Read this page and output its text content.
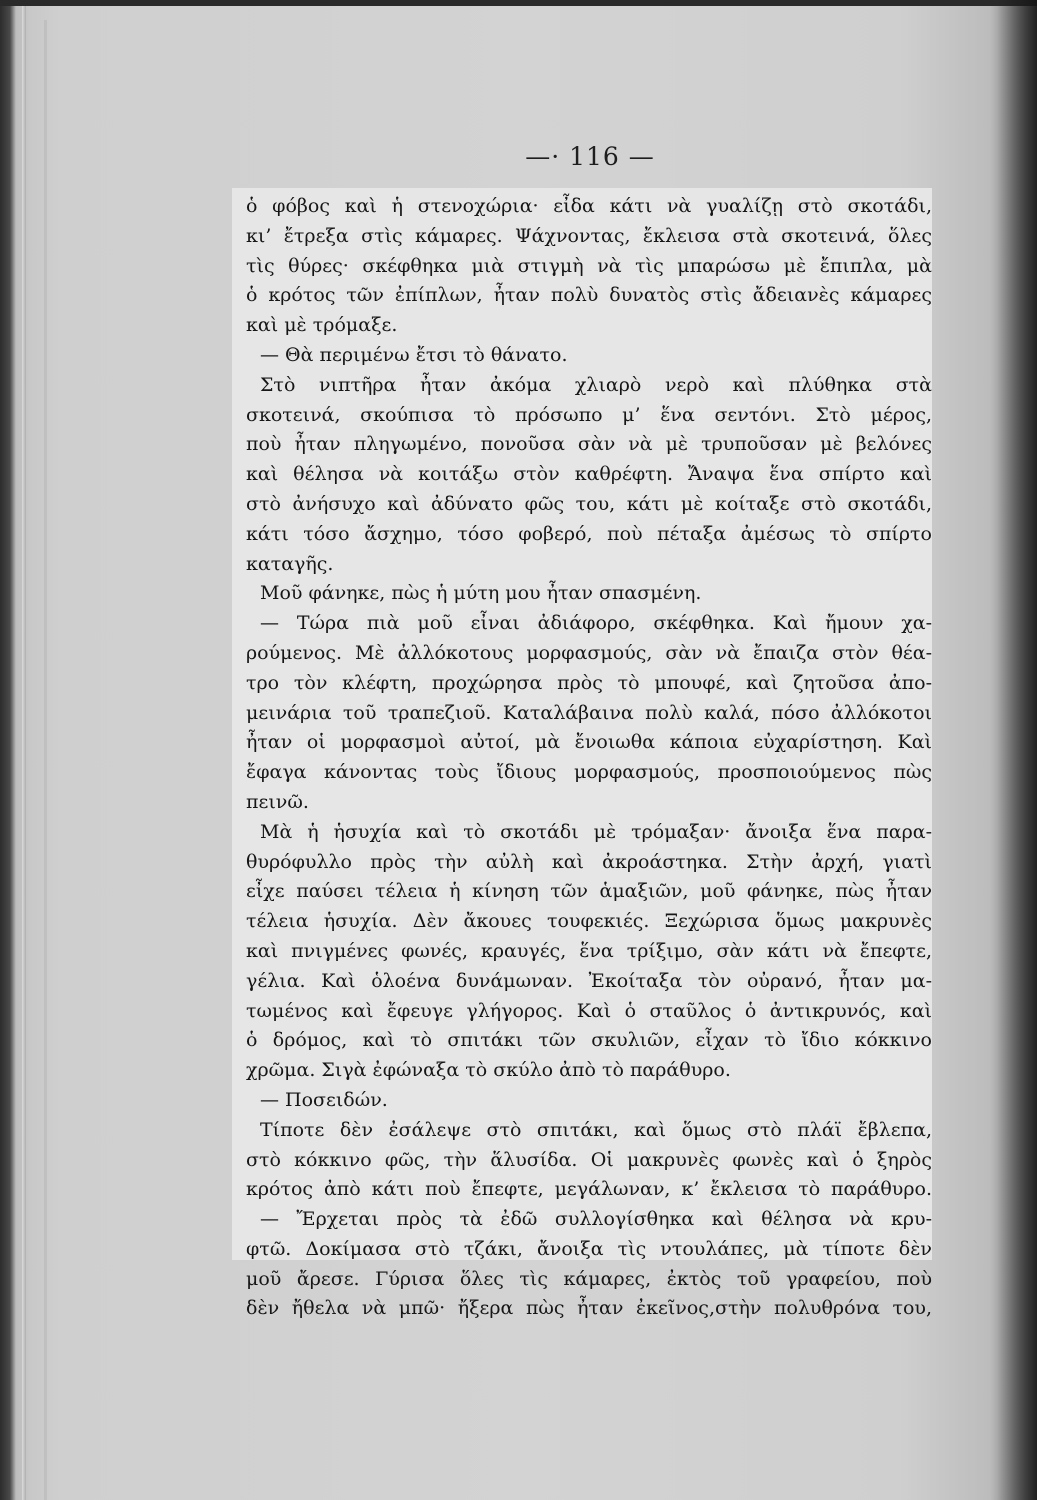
—· 116 —
ὁ φόβος καὶ ἡ στενοχώρια· εἶδα κάτι νὰ γυαλίζῃ στὸ σκοτάδι,
κι’ ἔτρεξα στὶς κάμαρες. Ψάχνοντας, ἔκλεισα στὰ σκοτεινά, ὅλες
τὶς θύρες· σκέφθηκα μιὰ στιγμὴ νὰ τὶς μπαρώσω μὲ ἔπιπλα, μὰ
ὁ κρότος τῶν ἐπίπλων, ἦταν πολὺ δυνατὸς στὶς ἄδειανὲς κάμαρες
καὶ μὲ τρόμαξε.
— Θὰ περιμένω ἔτσι τὸ θάνατο.
Στὸ νιπτῆρα ἦταν ἀκόμα χλιαρὸ νερὸ καὶ πλύθηκα στὰ
σκοτεινά, σκούπισα τὸ πρόσωπο μ’ ἕνα σεντόνι. Στὸ μέρος,
ποὺ ἦταν πληγωμένο, πονοῦσα σὰν νὰ μὲ τρυποῦσαν μὲ βελόνες
καὶ θέλησα νὰ κοιτάξω στὸν καθρέφτη. Ἄναψα ἕνα σπίρτο καὶ
στὸ ἀνήσυχο καὶ ἀδύνατο φῶς του, κάτι μὲ κοίταξε στὸ σκοτάδι,
κάτι τόσο ἄσχημο, τόσο φοβερό, ποὺ πέταξα ἀμέσως τὸ σπίρτο
καταγῆς.
Μοῦ φάνηκε, πὼς ἡ μύτη μου ἦταν σπασμένη.
— Τώρα πιὰ μοῦ εἶναι ἀδιάφορο, σκέφθηκα. Καὶ ἤμουν χα-
ρούμενος. Μὲ ἀλλόκοτους μορφασμούς, σὰν νὰ ἔπαιζα στὸν θέα-
τρο τὸν κλέφτη, προχώρησα πρὸς τὸ μπουφέ, καὶ ζητοῦσα ἀπο-
μεινάρια τοῦ τραπεζιοῦ. Καταλάβαινα πολὺ καλά, πόσο ἀλλόκοτοι
ἦταν οἱ μορφασμοὶ αὐτοί, μὰ ἔνοιωθα κάποια εὐχαρίστηση. Καὶ
ἔφαγα κάνοντας τοὺς ἴδιους μορφασμούς, προσποιούμενος πὼς
πεινῶ.
Μὰ ἡ ἡσυχία καὶ τὸ σκοτάδι μὲ τρόμαξαν· ἄνοιξα ἕνα παρα-
θυρόφυλλο πρὸς τὴν αὐλὴ καὶ ἀκροάστηκα. Στὴν ἀρχή, γιατὶ
εἶχε παύσει τέλεια ἡ κίνηση τῶν ἁμαξιῶν, μοῦ φάνηκε, πὼς ἦταν
τέλεια ἡσυχία. Δὲν ἄκουες τουφεκιές. Ξεχώρισα ὅμως μακρυνὲς
καὶ πνιγμένες φωνές, κραυγές, ἕνα τρίξιμο, σὰν κάτι νὰ ἔπεφτε,
γέλια. Καὶ ὁλοένα δυνάμωναν. Ἐκοίταξα τὸν οὐρανό, ἦταν μα-
τωμένος καὶ ἔφευγε γλήγορος. Καὶ ὁ σταῦλος ὁ ἀντικρυνός, καὶ
ὁ δρόμος, καὶ τὸ σπιτάκι τῶν σκυλιῶν, εἶχαν τὸ ἴδιο κόκκινο
χρῶμα. Σιγὰ ἐφώναξα τὸ σκύλο ἀπὸ τὸ παράθυρο.
— Ποσειδών.
Τίποτε δὲν ἐσάλεψε στὸ σπιτάκι, καὶ ὅμως στὸ πλάϊ ἔβλεπα,
στὸ κόκκινο φῶς, τὴν ἅλυσίδα. Οἱ μακρυνὲς φωνὲς καὶ ὁ ξηρὸς
κρότος ἀπὸ κάτι ποὺ ἔπεφτε, μεγάλωναν, κ’ ἔκλεισα τὸ παράθυρο.
— Ἔρχεται πρὸς τὰ ἐδῶ συλλογίσθηκα καὶ θέλησα νὰ κρυ-
φτῶ. Δοκίμασα στὸ τζάκι, ἄνοιξα τὶς ντουλάπες, μὰ τίποτε δὲν
μοῦ ἄρεσε. Γύρισα ὅλες τὶς κάμαρες, ἐκτὸς τοῦ γραφείου, ποὺ
δὲν ἤθελα νὰ μπῶ· ἤξερα πὼς ἦταν ἐκεῖνος,στὴν πολυθρόνα του,
